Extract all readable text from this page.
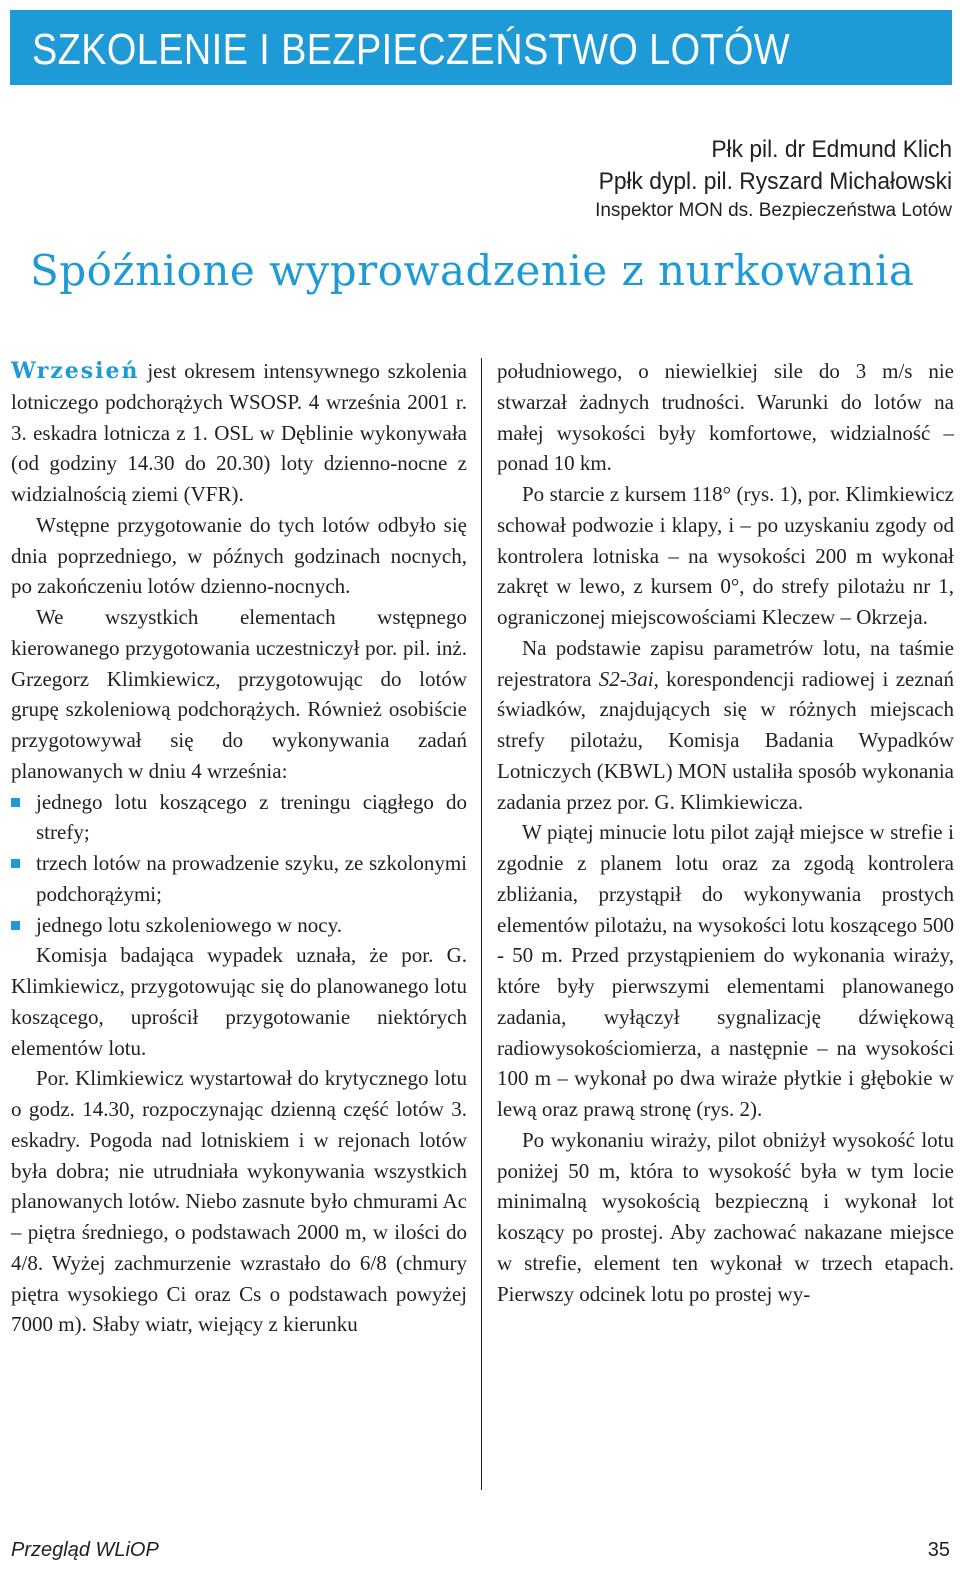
SZKOLENIE I BEZPIECZEŃSTWO LOTÓW
Płk pil. dr Edmund Klich
Ppłk dypl. pil. Ryszard Michałowski
Inspektor MON ds. Bezpieczeństwa Lotów
Spóźnione wyprowadzenie z nurkowania

Wrzesień jest okresem intensywnego szkolenia lotniczego podchorążych WSOSP. 4 września 2001 r. 3. eskadra lotnicza z 1. OSL w Dęblinie wykonywała (od godziny 14.30 do 20.30) loty dzienno-nocne z widzialnością ziemi (VFR).

Wstępne przygotowanie do tych lotów odbyło się dnia poprzedniego, w późnych godzinach nocnych, po zakończeniu lotów dzienno-nocnych.

We wszystkich elementach wstępnego kierowanego przygotowania uczestniczył por. pil. inż. Grzegorz Klimkiewicz, przygotowując do lotów grupę szkoleniową podchorążych. Również osobiście przygotowywał się do wykonywania zadań planowanych w dniu 4 września:

jednego lotu koszącego z treningu ciągłego do strefy;
trzech lotów na prowadzenie szyku, ze szkolonymi podchorążymi;
jednego lotu szkoleniowego w nocy.

Komisja badająca wypadek uznała, że por. G. Klimkiewicz, przygotowując się do planowanego lotu koszącego, uprościł przygotowanie niektórych elementów lotu.

Por. Klimkiewicz wystartował do krytycznego lotu o godz. 14.30, rozpoczynając dzienną część lotów 3. eskadry. Pogoda nad lotniskiem i w rejonach lotów była dobra; nie utrudniała wykonywania wszystkich planowanych lotów. Niebo zasnute było chmurami Ac – piętra średniego, o podstawach 2000 m, w ilości do 4/8. Wyżej zachmurzenie wzrastało do 6/8 (chmury piętra wysokiego Ci oraz Cs o podstawach powyżej 7000 m). Słaby wiatr, wiejący z kierunku

południowego, o niewielkiej sile do 3 m/s nie stwarzał żadnych trudności. Warunki do lotów na małej wysokości były komfortowe, widzialność – ponad 10 km.

Po starcie z kursem 118° (rys. 1), por. Klimkiewicz schował podwozie i klapy, i – po uzyskaniu zgody od kontrolera lotniska – na wysokości 200 m wykonał zakręt w lewo, z kursem 0°, do strefy pilotażu nr 1, ograniczonej miejscowościami Kleczew – Okrzeja.

Na podstawie zapisu parametrów lotu, na taśmie rejestratora S2-3ai, korespondencji radiowej i zeznań świadków, znajdujących się w różnych miejscach strefy pilotażu, Komisja Badania Wypadków Lotniczych (KBWL) MON ustaliła sposób wykonania zadania przez por. G. Klimkiewicza.

W piątej minucie lotu pilot zajął miejsce w strefie i zgodnie z planem lotu oraz za zgodą kontrolera zbliżania, przystąpił do wykonywania prostych elementów pilotażu, na wysokości lotu koszącego 500 - 50 m. Przed przystąpieniem do wykonania wiraży, które były pierwszymi elementami planowanego zadania, wyłączył sygnalizację dźwiękową radiowysokościomierza, a następnie – na wysokości 100 m – wykonał po dwa wiraże płytkie i głębokie w lewą oraz prawą stronę (rys. 2).

Po wykonaniu wiraży, pilot obniżył wysokość lotu poniżej 50 m, która to wysokość była w tym locie minimalną wysokością bezpieczną i wykonał lot koszący po prostej. Aby zachować nakazane miejsce w strefie, element ten wykonał w trzech etapach. Pierwszy odcinek lotu po prostej wy-

Przegląd WLiOP	35
